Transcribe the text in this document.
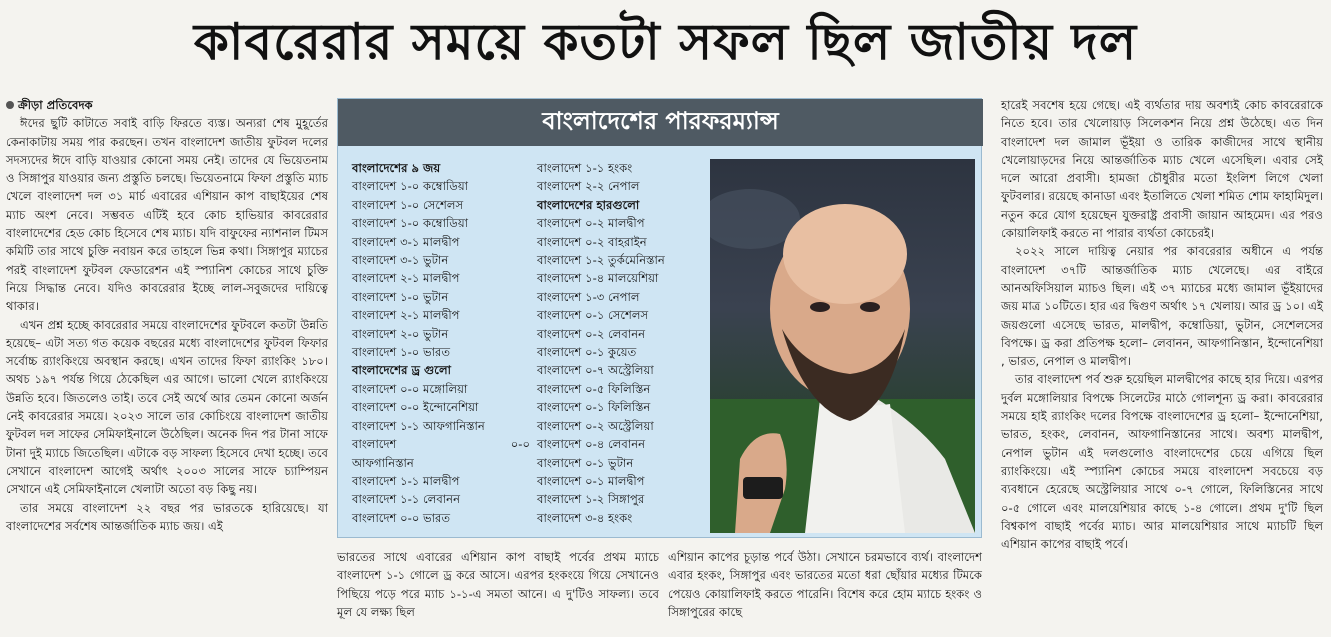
কাবরেরার সময়ে কতটা সফল ছিল জাতীয় দল
ক্রীড়া প্রতিবেদক

ঈদের ছুটি কাটাতে সবাই বাড়ি ফিরতে ব্যস্ত। অন্যরা শেষ মুহূর্তের কেনাকাটায় সময় পার করছেন। তখন বাংলাদেশ জাতীয় ফুটবল দলের সদস্যদের ঈদে বাড়ি যাওয়ার কোনো সময় নেই। তাদের যে ভিয়েতনাম ও সিঙ্গাপুর যাওয়ার জন্য প্রস্তুতি চলছে। ভিয়েতনামে ফিফা প্রস্তুতি ম্যাচ খেলে বাংলাদেশ দল ৩১ মার্চ এবারের এশিয়ান কাপ বাছাইয়ের শেষ ম্যাচ অংশ নেবে। সম্ভবত এটিই হবে কোচ হাভিয়ার কাবরেরার বাংলাদেশের হেড কোচ হিসেবে শেষ ম্যাচ। যদি বাফুফের ন্যাশনাল টিমস কমিটি তার সাথে চুক্তি নবায়ন করে তাহলে ভিন্ন কথা। সিঙ্গাপুর ম্যাচের পরই বাংলাদেশ ফুটবল ফেডারেশন এই স্প্যানিশ কোচের সাথে চুক্তি নিয়ে সিদ্ধান্ত নেবে। যদিও কাবরেরার ইচ্ছে লাল-সবুজদের দায়িত্বে থাকার।

এখন প্রশ্ন হচ্ছে কাবরেরার সময়ে বাংলাদেশের ফুটবলে কতটা উন্নতি হয়েছে– এটা সত্য গত কয়েক বছরের মধ্যে বাংলাদেশের ফুটবল ফিফার সর্বোচ্চ র‌্যাংকিংয়ে অবস্থান করছে। এখন তাদের ফিফা র‌্যাংকিং ১৮০। অথচ ১৯৭ পর্যন্ত গিয়ে ঠেকেছিল এর আগে। ভালো খেলে র‌্যাংকিংয়ে উন্নতি হবে। জিতলেও তাই। তবে সেই অর্থে আর তেমন কোনো অর্জন নেই কাবরেরার সময়ে। ২০২৩ সালে তার কোচিংয়ে বাংলাদেশ জাতীয় ফুটবল দল সাফের সেমিফাইনালে উঠেছিল। অনেক দিন পর টানা সাফে টানা দুই ম্যাচে জিতেছিল। এটাকে বড় সাফল্য হিসেবে দেখা হচ্ছে। তবে সেখানে বাংলাদেশ আগেই অর্থাৎ ২০০৩ সালের সাফে চ্যাম্পিয়ন সেখানে এই সেমিফাইনালে খেলাটা অতো বড় কিছু নয়।

তার সময়ে বাংলাদেশ ২২ বছর পর ভারতকে হারিয়েছে। যা বাংলাদেশের সর্বশেষ আন্তর্জাতিক ম্যাচ জয়। এই

বাংলাদেশের পারফরম্যান্স
বাংলাদেশের ৯ জয়
বাংলাদেশ ১-০ কম্বোডিয়া
বাংলাদেশ ১-০ সেশেলস
বাংলাদেশ ১-০ কম্বোডিয়া
বাংলাদেশ ৩-১ মালদ্বীপ
বাংলাদেশ ৩-১ ভুটান
বাংলাদেশ ২-১ মালদ্বীপ
বাংলাদেশ ১-০ ভুটান
বাংলাদেশ ২-১ মালদ্বীপ
বাংলাদেশ ২-০ ভুটান
বাংলাদেশ ১-০ ভারত
বাংলাদেশের ড্র গুলো
বাংলাদেশ ০-০ মঙ্গোলিয়া
বাংলাদেশ ০-০ ইন্দোনেশিয়া
বাংলাদেশ ১-১ আফগানিস্তান
বাংলাদেশ	০-০
আফগানিস্তান
বাংলাদেশ ১-১ মালদ্বীপ
বাংলাদেশ ১-১ লেবানন
বাংলাদেশ ০-০ ভারত
বাংলাদেশ ১-১ হংকং
বাংলাদেশ ২-২ নেপাল
বাংলাদেশের হারগুলো
বাংলাদেশ ০-২ মালদ্বীপ
বাংলাদেশ ০-২ বাহরাইন
বাংলাদেশ ১-২ তুর্কমেনিস্তান
বাংলাদেশ ১-৪ মালয়েশিয়া
বাংলাদেশ ১-৩ নেপাল
বাংলাদেশ ০-১ সেশেলস
বাংলাদেশ ০-২ লেবানন
বাংলাদেশ ০-১ কুয়েত
বাংলাদেশ ০-৭ অস্ট্রেলিয়া
বাংলাদেশ ০-৫ ফিলিস্তিন
বাংলাদেশ ০-১ ফিলিস্তিন
বাংলাদেশ ০-২ অস্ট্রেলিয়া
বাংলাদেশ ০-৪ লেবানন
বাংলাদেশ ০-১ ভুটান
বাংলাদেশ ০-১ মালদ্বীপ
বাংলাদেশ ১-২ সিঙ্গাপুর
বাংলাদেশ ৩-৪ হংকং
ভারতের সাথে এবারের এশিয়ান কাপ বাছাই পর্বের প্রথম ম্যাচে বাংলাদেশ ১-১ গোলে ড্র করে আসে। এরপর হংকংয়ে গিয়ে সেখানেও পিছিয়ে পড়ে পরে ম্যাচ ১-১-এ সমতা আনে। এ দু'টিও সাফল্য। তবে মূল যে লক্ষ্য ছিল
এশিয়ান কাপের চূড়ান্ত পর্বে উঠা। সেখানে চরমভাবে ব্যর্থ। বাংলাদেশ এবার হংকং, সিঙ্গাপুর এবং ভারতের মতো ধরা ছোঁয়ার মধ্যের টিমকে পেয়েও কোয়ালিফাই করতে পারেনি। বিশেষ করে হোম ম্যাচে হংকং ও সিঙ্গাপুরের কাছে

হারেই সবশেষ হয়ে গেছে। এই ব্যর্থতার দায় অবশ্যই কোচ কাবরেরাকে নিতে হবে। তার খেলোয়াড় সিলেকশন নিয়ে প্রশ্ন উঠেছে। এত দিন বাংলাদেশ দল জামাল ভূঁইয়া ও তারিক কাজীদের সাথে স্থানীয় খেলোয়াড়দের নিয়ে আন্তর্জাতিক ম্যাচ খেলে এসেছিল। এবার সেই দলে আরো প্রবাসী। হামজা চৌধুরীর মতো ইংলিশ লিগে খেলা ফুটবলার। রয়েছে কানাডা এবং ইতালিতে খেলা শমিত শোম ফাহামিদুল। নতুন করে যোগ হয়েছেন যুক্তরাষ্ট্র প্রবাসী জায়ান আহমেদ। এর পরও কোয়ালিফাই করতে না পারার ব্যর্থতা কোচেরই।

২০২২ সালে দায়িত্ব নেয়ার পর কাবরেরার অধীনে এ পর্যন্ত বাংলাদেশ ৩৭টি আন্তর্জাতিক ম্যাচ খেলেছে। এর বাইরে আনঅফিসিয়াল ম্যাচও ছিল। এই ৩৭ ম্যাচের মধ্যে জামাল ভূঁইয়াদের জয় মাত্র ১০টিতে। হার এর দ্বিগুণ অর্থাৎ ১৭ খেলায়। আর ড্র ১০। এই জয়গুলো এসেছে ভারত, মালদ্বীপ, কম্বোডিয়া, ভুটান, সেশেলসের বিপক্ষে। ড্র করা প্রতিপক্ষ হলো– লেবানন, আফগানিস্তান, ইন্দোনেশিয়া , ভারত, নেপাল ও মালদ্বীপ।

তার বাংলাদেশ পর্ব শুরু হয়েছিল মালদ্বীপের কাছে হার দিয়ে। এরপর দুর্বল মঙ্গোলিয়ার বিপক্ষে সিলেটের মাঠে গোলশূন্য ড্র করা। কাবরেরার সময়ে হাই র‌্যাংকিং দলের বিপক্ষে বাংলাদেশের ড্র হলো– ইন্দোনেশিয়া, ভারত, হংকং, লেবানন, আফগানিস্তানের সাথে। অবশ্য মালদ্বীপ, নেপাল ভুটান এই দলগুলোও বাংলাদেশের চেয়ে এগিয়ে ছিল র‌্যাংকিংয়ে। এই স্প্যানিশ কোচের সময়ে বাংলাদেশ সবচেয়ে বড় ব্যবধানে হেরেছে অস্ট্রেলিয়ার সাথে ০-৭ গোলে, ফিলিস্তিনের সাথে ০-৫ গোলে এবং মালয়েশিয়ার কাছে ১-৪ গোলে। প্রথম দু'টি ছিল বিশ্বকাপ বাছাই পর্বের ম্যাচ। আর মালয়েশিয়ার সাথে ম্যাচটি ছিল এশিয়ান কাপের বাছাই পর্বে।
